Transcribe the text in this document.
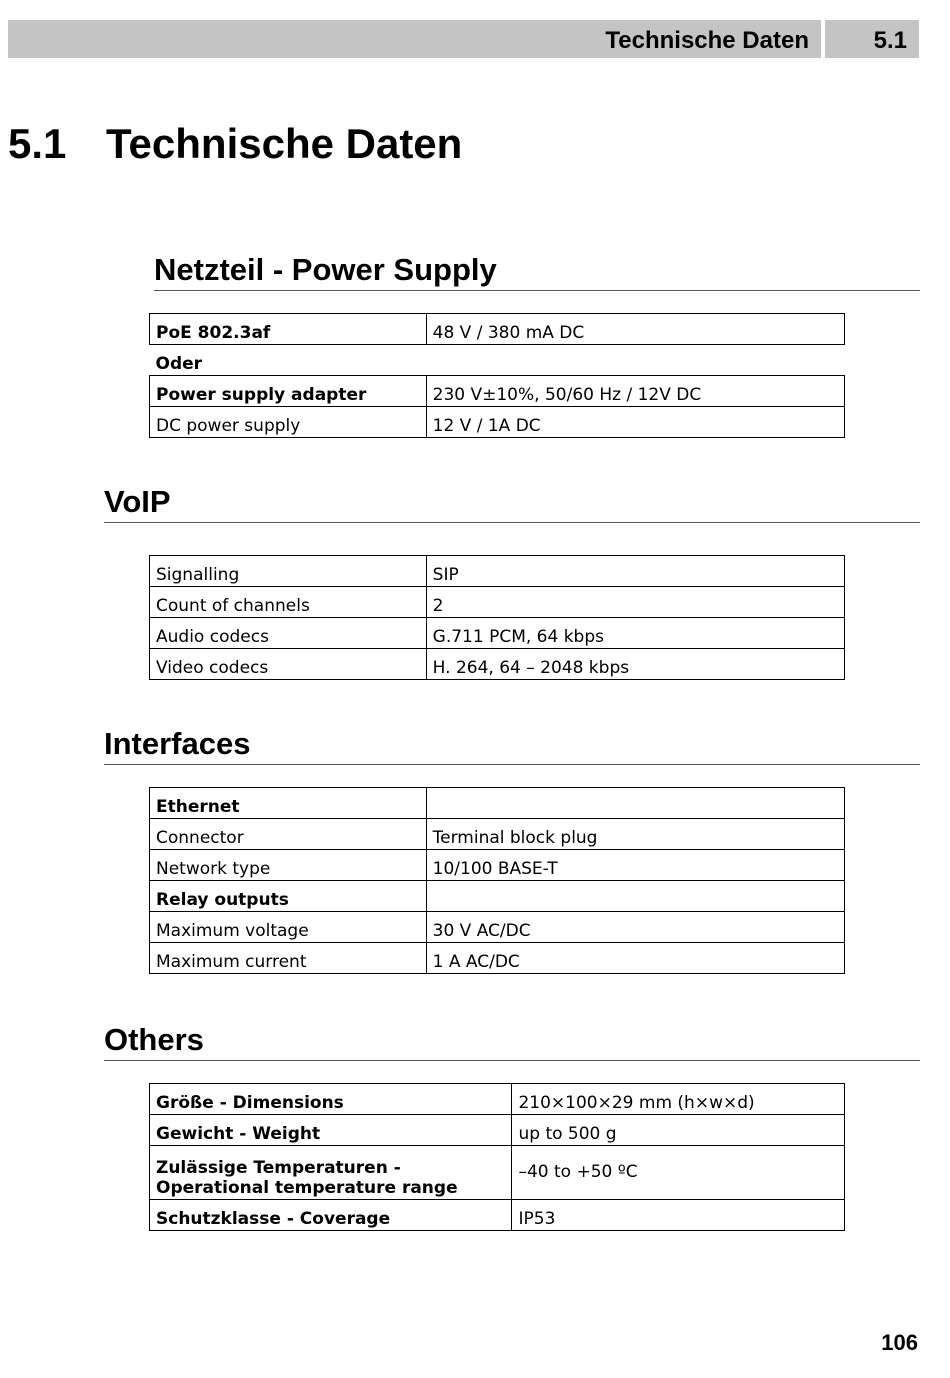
Technische Daten	5.1
5.1 Technische Daten
Netzteil - Power Supply
PoE 802.3af	48 V / 380 mA DC
Oder	
Power supply adapter	230 V±10%, 50/60 Hz / 12V DC
DC power supply	12 V / 1A DC
VoIP
Signalling	SIP
Count of channels	2
Audio codecs	G.711 PCM, 64 kbps
Video codecs	H. 264, 64 – 2048 kbps
Interfaces
Ethernet	
Connector	Terminal block plug
Network type	10/100 BASE-T
Relay outputs	
Maximum voltage	30 V AC/DC
Maximum current	1 A AC/DC
Others
Größe - Dimensions	210×100×29 mm (h×w×d)
Gewicht - Weight	up to 500 g

Zulässige Temperaturen -
Operational temperature range	–40 to +50 ºC
Schutzklasse - Coverage	IP53
106
